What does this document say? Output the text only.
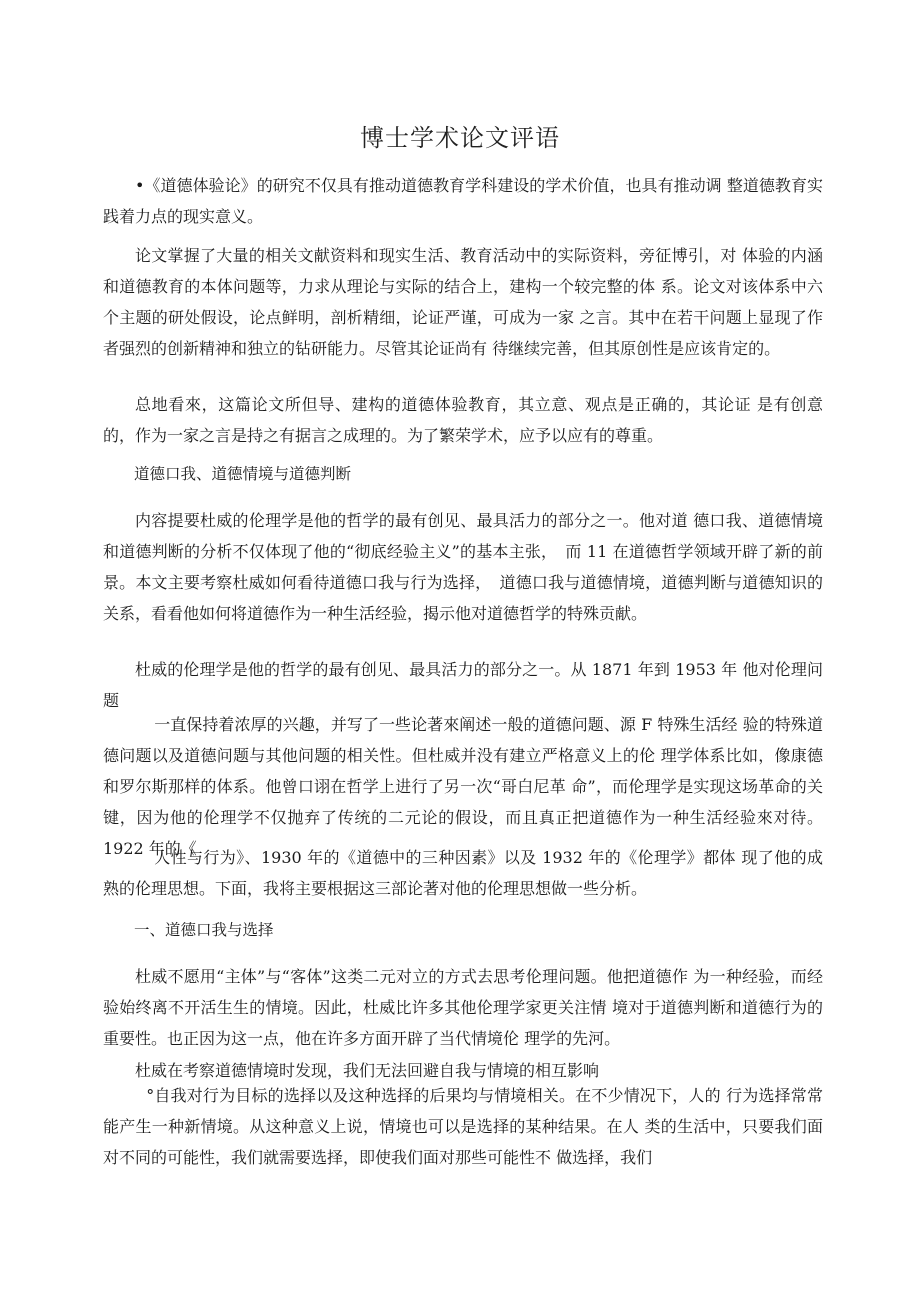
博士学术论文评语

•《道德体验论》的研究不仅具有推动道德教育学科建设的学术价值，也具有推动调 整道德教育实践着力点的现实意义。

论文掌握了大量的相关文献资料和现实生活、教育活动中的实际资料，旁征博引，对 体验的内涵和道德教育的本体问题等，力求从理论与实际的结合上，建构一个较完整的体 系。论文对该体系中六个主题的研处假设，论点鲜明，剖析精细，论证严谨，可成为一家 之言。其中在若干问题上显现了作者强烈的创新精神和独立的钻研能力。尽管其论证尚有 待继续完善，但其原创性是应该肯定的。

总地看來，这篇论文所但导、建构的道德体验教育，其立意、观点是正确的，其论证 是有创意的，作为一家之言是持之有据言之成理的。为了繁荣学术，应予以应有的尊重。

道德口我、道德情境与道德判断

内容提要杜威的伦理学是他的哲学的最有创见、最具活力的部分之一。他对道 德口我、道德情境和道德判断的分析不仅体现了他的“彻底经验主义”的基本主张，　而 11 在道德哲学领域开辟了新的前景。本文主要考察杜威如何看待道德口我与行为选择，　道德口我与道德情境，道德判断与道德知识的关系，看看他如何将道德作为一种生活经验，揭示他对道德哲学的特殊贡献。

杜威的伦理学是他的哲学的最有创见、最具活力的部分之一。从 1871 年到 1953 年 他对伦理问题

一直保持着浓厚的兴趣，并写了一些论著來阐述一般的道德问题、源 F 特殊生活经 验的特殊道德问题以及道德问题与其他问题的相关性。但杜威并没有建立严格意义上的伦 理学体系比如，像康德和罗尔斯那样的体系。他曾口诩在哲学上进行了另一次“哥白尼革 命”，而伦理学是实现这场革命的关键，因为他的伦理学不仅抛弃了传统的二元论的假设，而且真正把道德作为一种生活经验來对待。1922 年的《

人性与行为》、1930 年的《道德中的三种因素》以及 1932 年的《伦理学》都体 现了他的成熟的伦理思想。下面，我将主要根据这三部论著对他的伦理思想做一些分析。

一、道德口我与选择

杜威不愿用“主体”与“客体”这类二元对立的方式去思考伦理问题。他把道德作 为一种经验，而经验始终离不开活生生的情境。因此，杜威比许多其他伦理学家更关注情 境对于道德判断和道德行为的重要性。也正因为这一点，他在许多方面开辟了当代情境伦 理学的先河。

杜威在考察道德情境时发现，我们无法回避自我与情境的相互影响

°自我对行为目标的选择以及这种选择的后果均与情境相关。在不少情况下，人的 行为选择常常能产生一种新情境。从这种意义上说，情境也可以是选择的某种结果。在人 类的生活中，只要我们面对不同的可能性，我们就需要选择，即使我们面对那些可能性不 做选择，我们
